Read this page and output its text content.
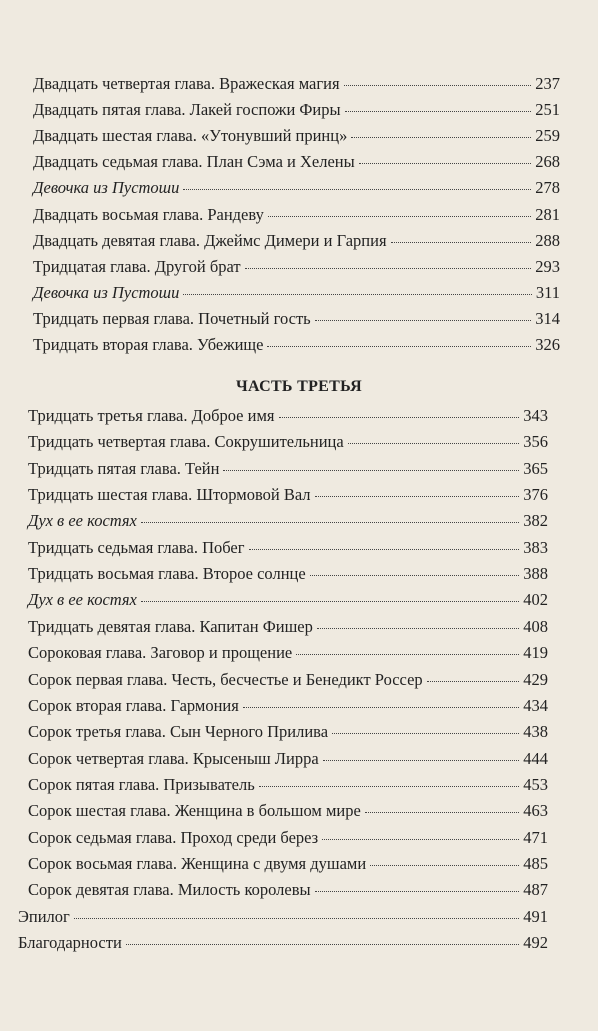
Двадцать четвертая глава. Вражеская магия	237
Двадцать пятая глава. Лакей госпожи Фиры	251
Двадцать шестая глава. «Утонувший принц»	259
Двадцать седьмая глава. План Сэма и Хелены	268
Девочка из Пустоши	278
Двадцать восьмая глава. Рандеву	281
Двадцать девятая глава. Джеймс Димери и Гарпия	288
Тридцатая глава. Другой брат	293
Девочка из Пустоши	311
Тридцать первая глава. Почетный гость	314
Тридцать вторая глава. Убежище	326
ЧАСТЬ ТРЕТЬЯ
Тридцать третья глава. Доброе имя	343
Тридцать четвертая глава. Сокрушительница	356
Тридцать пятая глава. Тейн	365
Тридцать шестая глава. Штормовой Вал	376
Дух в ее костях	382
Тридцать седьмая глава. Побег	383
Тридцать восьмая глава. Второе солнце	388
Дух в ее костях	402
Тридцать девятая глава. Капитан Фишер	408
Сороковая глава. Заговор и прощение	419
Сорок первая глава. Честь, бесчестье и Бенедикт Россер	429
Сорок вторая глава. Гармония	434
Сорок третья глава. Сын Черного Прилива	438
Сорок четвертая глава. Крысеныш Лирра	444
Сорок пятая глава. Призыватель	453
Сорок шестая глава. Женщина в большом мире	463
Сорок седьмая глава. Проход среди берез	471
Сорок восьмая глава. Женщина с двумя душами	485
Сорок девятая глава. Милость королевы	487
Эпилог	491
Благодарности	492
